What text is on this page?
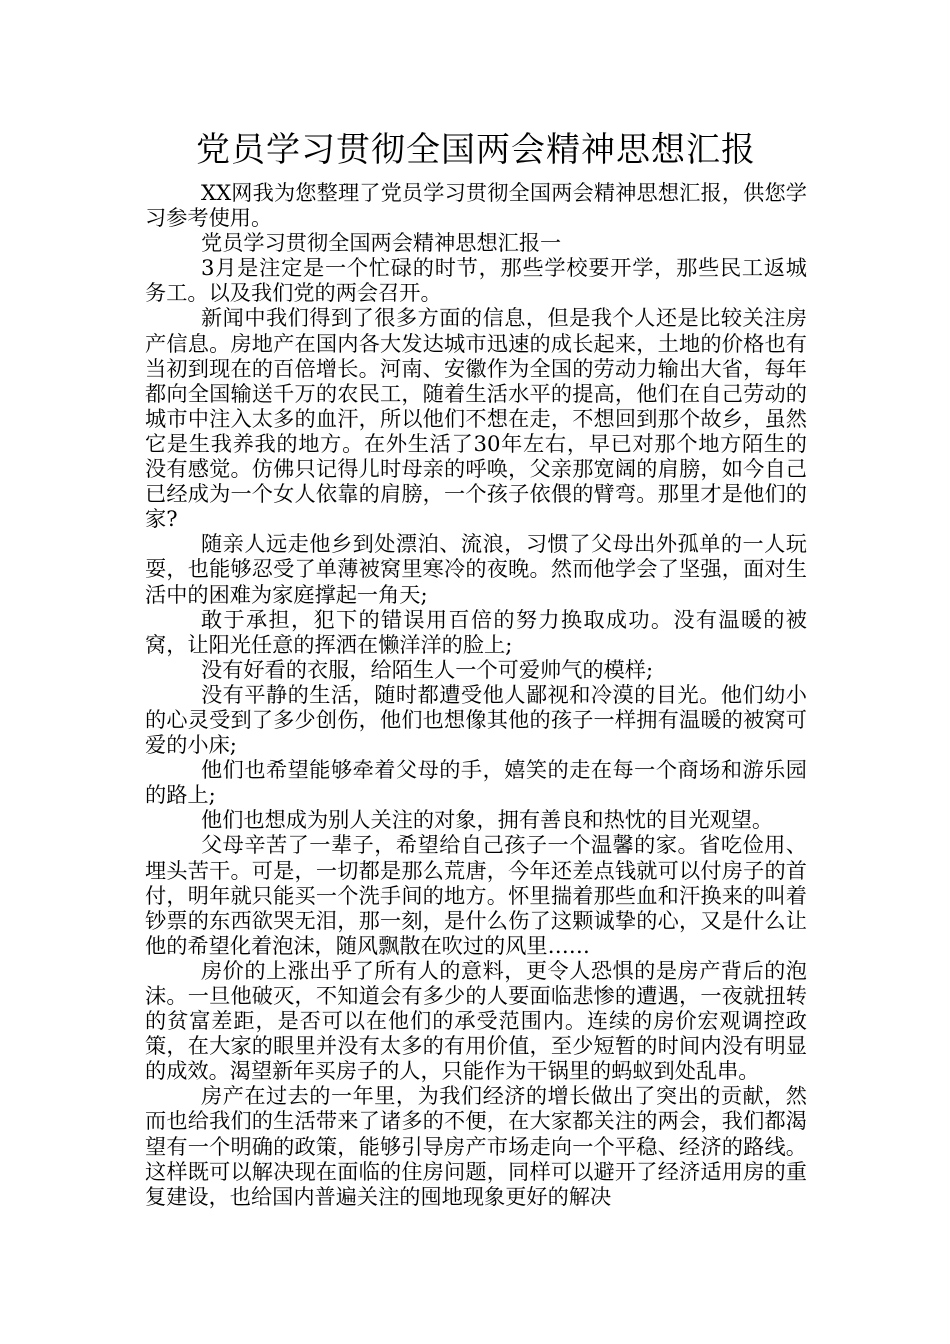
党员学习贯彻全国两会精神思想汇报

XX网我为您整理了党员学习贯彻全国两会精神思想汇报，供您学习参考使用。

党员学习贯彻全国两会精神思想汇报一

3月是注定是一个忙碌的时节，那些学校要开学，那些民工返城务工。以及我们党的两会召开。

新闻中我们得到了很多方面的信息，但是我个人还是比较关注房产信息。房地产在国内各大发达城市迅速的成长起来，土地的价格也有当初到现在的百倍增长。河南、安徽作为全国的劳动力输出大省，每年都向全国输送千万的农民工，随着生活水平的提高，他们在自己劳动的城市中注入太多的血汗，所以他们不想在走，不想回到那个故乡，虽然它是生我养我的地方。在外生活了30年左右，早已对那个地方陌生的没有感觉。仿佛只记得儿时母亲的呼唤，父亲那宽阔的肩膀，如今自己已经成为一个女人依靠的肩膀，一个孩子依偎的臂弯。那里才是他们的家?

随亲人远走他乡到处漂泊、流浪，习惯了父母出外孤单的一人玩耍，也能够忍受了单薄被窝里寒冷的夜晚。然而他学会了坚强，面对生活中的困难为家庭撑起一角天;

敢于承担，犯下的错误用百倍的努力换取成功。没有温暖的被窝，让阳光任意的挥洒在懒洋洋的脸上;

没有好看的衣服，给陌生人一个可爱帅气的模样;

没有平静的生活，随时都遭受他人鄙视和冷漠的目光。他们幼小的心灵受到了多少创伤，他们也想像其他的孩子一样拥有温暖的被窝可爱的小床;

他们也希望能够牵着父母的手，嬉笑的走在每一个商场和游乐园的路上;

他们也想成为别人关注的对象，拥有善良和热忱的目光观望。

父母辛苦了一辈子，希望给自己孩子一个温馨的家。省吃俭用、埋头苦干。可是，一切都是那么荒唐，今年还差点钱就可以付房子的首付，明年就只能买一个洗手间的地方。怀里揣着那些血和汗换来的叫着钞票的东西欲哭无泪，那一刻，是什么伤了这颗诚挚的心，又是什么让他的希望化着泡沫，随风飘散在吹过的风里……

房价的上涨出乎了所有人的意料，更令人恐惧的是房产背后的泡沫。一旦他破灭，不知道会有多少的人要面临悲惨的遭遇，一夜就扭转的贫富差距，是否可以在他们的承受范围内。连续的房价宏观调控政策，在大家的眼里并没有太多的有用价值，至少短暂的时间内没有明显的成效。渴望新年买房子的人，只能作为干锅里的蚂蚁到处乱串。

房产在过去的一年里，为我们经济的增长做出了突出的贡献，然而也给我们的生活带来了诸多的不便，在大家都关注的两会，我们都渴望有一个明确的政策，能够引导房产市场走向一个平稳、经济的路线。这样既可以解决现在面临的住房问题，同样可以避开了经济适用房的重复建设，也给国内普遍关注的囤地现象更好的解决
